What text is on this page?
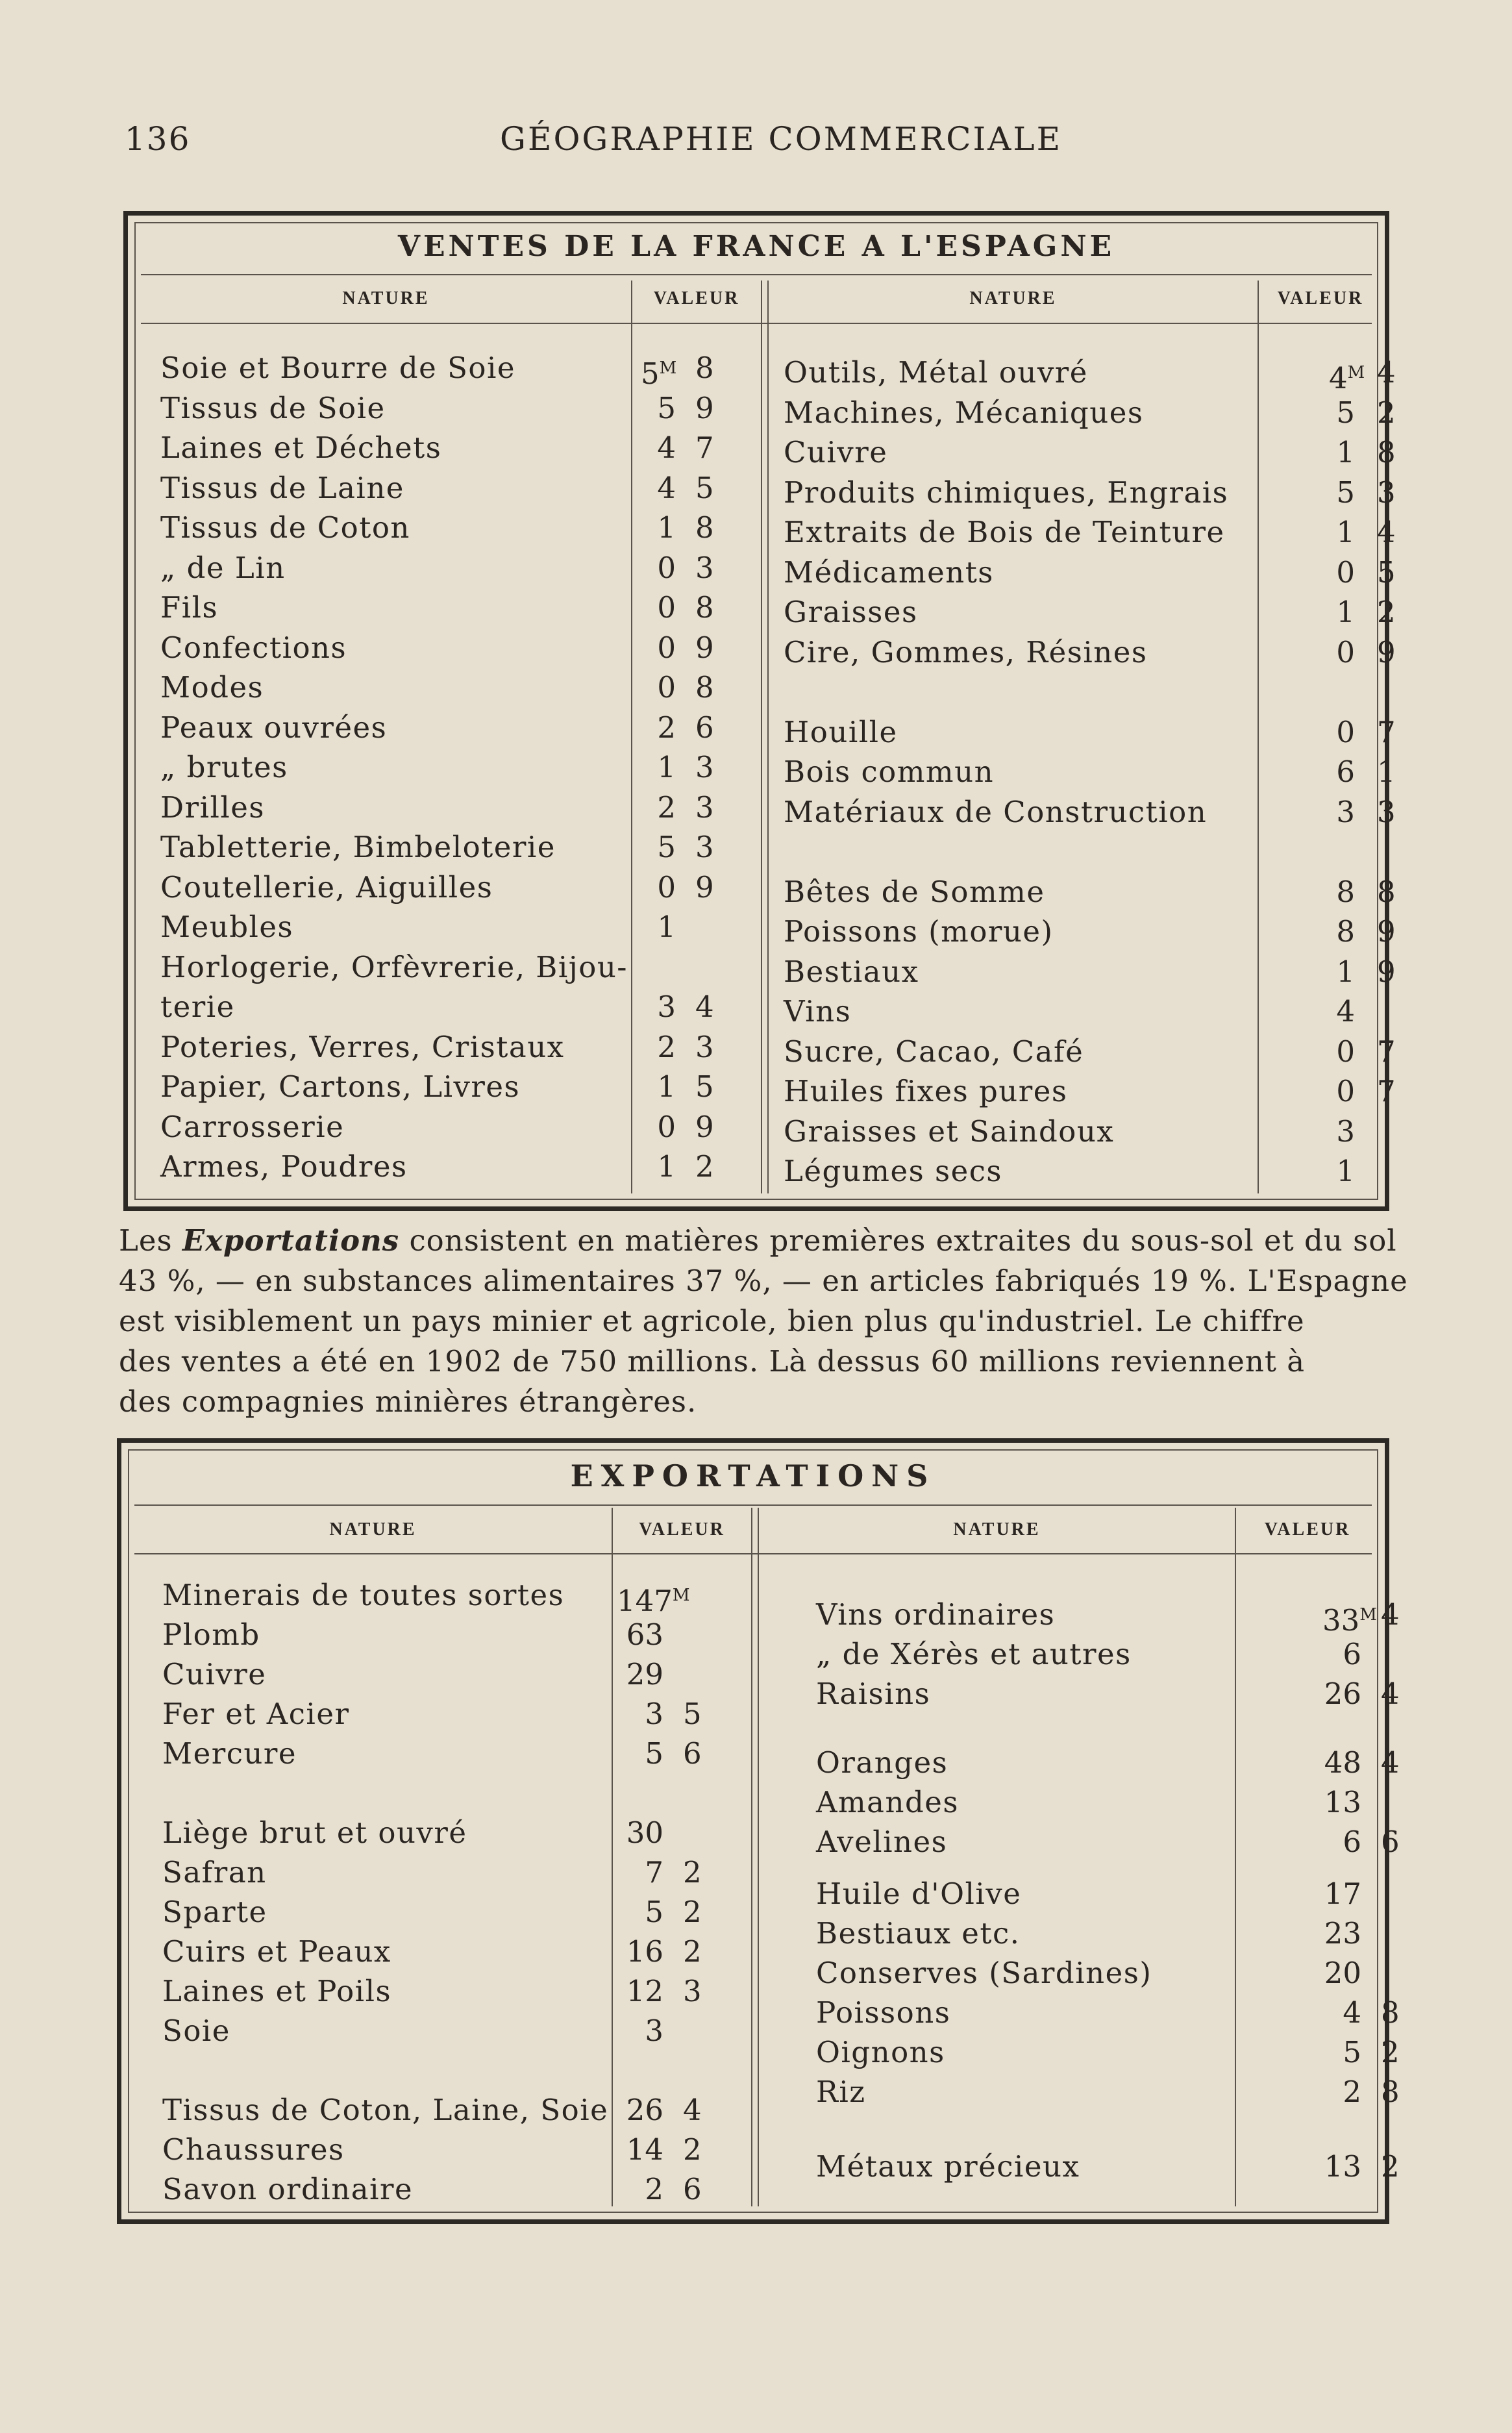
136	GÉOGRAPHIE COMMERCIALE
VENTES DE LA FRANCE A L'ESPAGNE
NATURE	VALEUR	NATURE	VALEUR
Soie et Bourre de Soie	$5^M$ 8
Tissus de Soie	5 9
Laines et Déchets	4 7
Tissus de Laine	4 5
Tissus de Coton	1 8
„ de Lin	0 3
Fils	0 8
Confections	0 9
Modes	0 8
Peaux ouvrées	2 6
„ brutes	1 3
Drilles	2 3
Tabletterie, Bimbeloterie	5 3
Coutellerie, Aiguilles	0 9
Meubles	1
Horlogerie, Orfèvrerie, Bijou-
terie	3 4
Poteries, Verres, Cristaux	2 3
Papier, Cartons, Livres	1 5
Carrosserie	0 9
Armes, Poudres	1 2
Outils, Métal ouvré	$4^M$ 4
Machines, Mécaniques	5 2
Cuivre	1 8
Produits chimiques, Engrais	5 3
Extraits de Bois de Teinture	1 4
Médicaments	0 5
Graisses	1 2
Cire, Gommes, Résines	0 9
Houille	0 7
Bois commun	6 1
Matériaux de Construction	3 3
Bêtes de Somme	8 8
Poissons (morue)	8 9
Bestiaux	1 9
Vins	4
Sucre, Cacao, Café	0 7
Huiles fixes pures	0 7
Graisses et Saindoux	3
Légumes secs	1
Les Exportations consistent en matières premières extraites du sous-sol et du sol
43 %, — en substances alimentaires 37 %, — en articles fabriqués 19 %. L'Espagne
est visiblement un pays minier et agricole, bien plus qu'industriel. Le chiffre
des ventes a été en 1902 de 750 millions. Là dessus 60 millions reviennent à
des compagnies minières étrangères.
EXPORTATIONS
NATURE	VALEUR	NATURE	VALEUR
Minerais de toutes sortes $147^M$
Plomb	63
Cuivre	29
Fer et Acier	3 5
Mercure	5 6
Liège brut et ouvré	30
Safran	7 2
Sparte	5 2
Cuirs et Peaux	16 2
Laines et Poils	12 3
Soie	3
Tissus de Coton, Laine, Soie 26 4
Chaussures	14 2
Savon ordinaire	2 6
Vins ordinaires	$33^M$ 4
„ de Xérès et autres	6
Raisins	26 4
Oranges	48 4
Amandes	13
Avelines	6 6
Huile d'Olive	17
Bestiaux etc.	23
Conserves (Sardines)	20
Poissons	4 8
Oignons	5 2
Riz	2 8
Métaux précieux	13 2
